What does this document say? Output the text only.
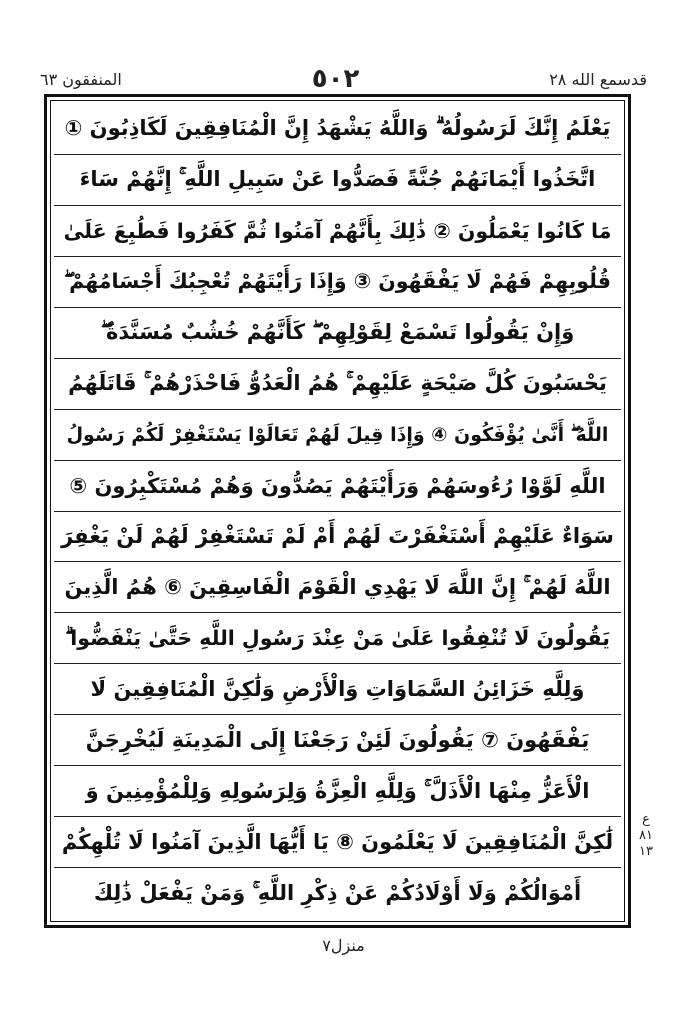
المنفقون ٦٣	٥٠٢	قدسمع الله ٢٨
يَعْلَمُ إِنَّكَ لَرَسُولُهُ ۗ وَاللَّهُ يَشْهَدُ إِنَّ الْمُنَافِقِينَ لَكَاذِبُونَ ①
اتَّخَذُوا أَيْمَانَهُمْ جُنَّةً فَصَدُّوا عَنْ سَبِيلِ اللَّهِ ۚ إِنَّهُمْ سَاءَ
مَا كَانُوا يَعْمَلُونَ ② ذَٰلِكَ بِأَنَّهُمْ آمَنُوا ثُمَّ كَفَرُوا فَطُبِعَ عَلَىٰ
قُلُوبِهِمْ فَهُمْ لَا يَفْقَهُونَ ③ وَإِذَا رَأَيْتَهُمْ تُعْجِبُكَ أَجْسَامُهُمْ ۖ
وَإِنْ يَقُولُوا تَسْمَعْ لِقَوْلِهِمْ ۖ كَأَنَّهُمْ خُشُبٌ مُسَنَّدَةٌ ۖ
يَحْسَبُونَ كُلَّ صَيْحَةٍ عَلَيْهِمْ ۚ هُمُ الْعَدُوُّ فَاحْذَرْهُمْ ۚ قَاتَلَهُمُ
اللَّهُ ۖ أَنَّىٰ يُؤْفَكُونَ ④ وَإِذَا قِيلَ لَهُمْ تَعَالَوْا يَسْتَغْفِرْ لَكُمْ رَسُولُ
اللَّهِ لَوَّوْا رُءُوسَهُمْ وَرَأَيْتَهُمْ يَصُدُّونَ وَهُمْ مُسْتَكْبِرُونَ ⑤
سَوَاءٌ عَلَيْهِمْ أَسْتَغْفَرْتَ لَهُمْ أَمْ لَمْ تَسْتَغْفِرْ لَهُمْ لَنْ يَغْفِرَ
اللَّهُ لَهُمْ ۚ إِنَّ اللَّهَ لَا يَهْدِي الْقَوْمَ الْفَاسِقِينَ ⑥ هُمُ الَّذِينَ
يَقُولُونَ لَا تُنْفِقُوا عَلَىٰ مَنْ عِنْدَ رَسُولِ اللَّهِ حَتَّىٰ يَنْفَضُّوا ۗ
وَلِلَّهِ خَزَائِنُ السَّمَاوَاتِ وَالْأَرْضِ وَلَٰكِنَّ الْمُنَافِقِينَ لَا
يَفْقَهُونَ ⑦ يَقُولُونَ لَئِنْ رَجَعْنَا إِلَى الْمَدِينَةِ لَيُخْرِجَنَّ
الْأَعَزُّ مِنْهَا الْأَذَلَّ ۚ وَلِلَّهِ الْعِزَّةُ وَلِرَسُولِهِ وَلِلْمُؤْمِنِينَ وَ
لَٰكِنَّ الْمُنَافِقِينَ لَا يَعْلَمُونَ ⑧ يَا أَيُّهَا الَّذِينَ آمَنُوا لَا تُلْهِكُمْ
أَمْوَالُكُمْ وَلَا أَوْلَادُكُمْ عَنْ ذِكْرِ اللَّهِ ۚ وَمَنْ يَفْعَلْ ذَٰلِكَ
ع ٨١ ١٣
منزل٧
